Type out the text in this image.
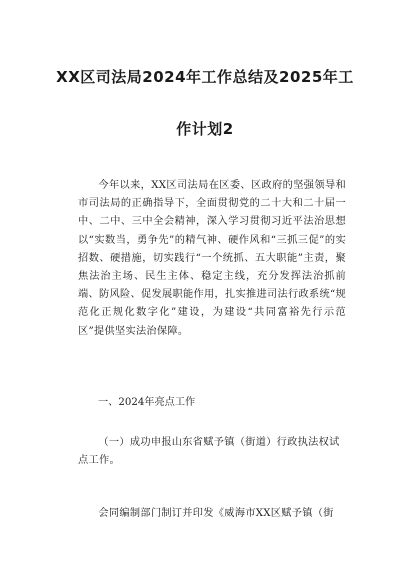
XX区司法局2024年工作总结及2025年工
作计划2

今年以来，XX区司法局在区委、区政府的坚强领导和市司法局的正确指导下，全面贯彻党的二十大和二十届一中、二中、三中全会精神，深入学习贯彻习近平法治思想以“实数当，勇争先”的精气神、硬作风和“三抓三促”的实招数、硬措施，切实践行“一个统抓、五大职能”主责，聚焦法治主场、民生主体、稳定主线，充分发挥法治抓前端、防风险、促发展职能作用，扎实推进司法行政系统“规范化正规化数字化”建设，为建设“共同富裕先行示范区”提供坚实法治保障。

一、2024年亮点工作

（一）成功申报山东省赋予镇（街道）行政执法权试点工作。

会同编制部门制订并印发《威海市XX区赋予镇（街
